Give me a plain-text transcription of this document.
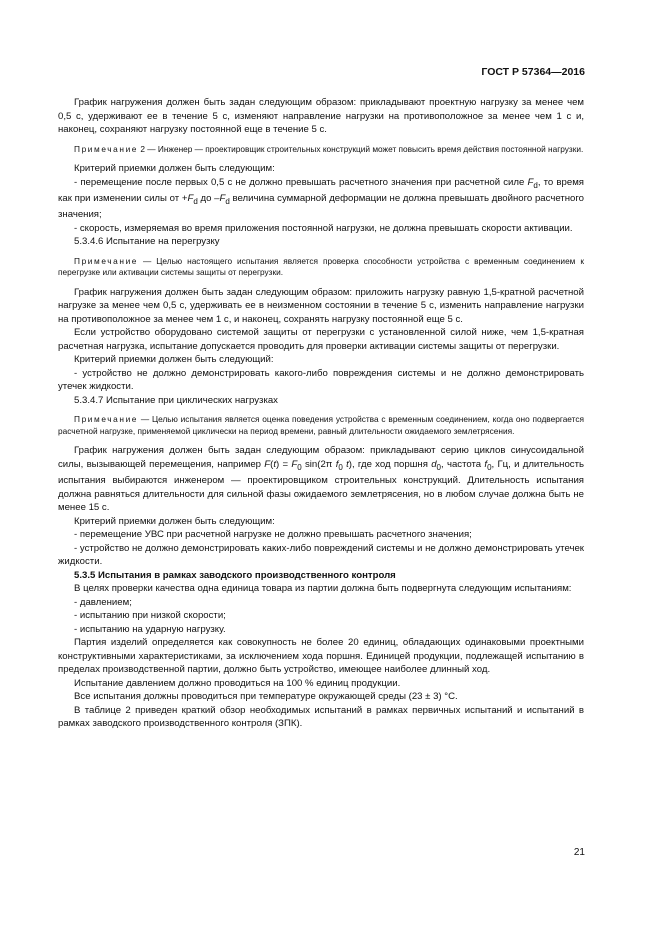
ГОСТ Р 57364—2016

График нагружения должен быть задан следующим образом: прикладывают проектную нагрузку за менее чем 0,5 с, удерживают ее в течение 5 с, изменяют направление нагрузки на противоположное за менее чем 1 с и, наконец, сохраняют нагрузку постоянной еще в течение 5 с.

Примечание 2 — Инженер — проектировщик строительных конструкций может повысить время действия постоянной нагрузки.

Критерий приемки должен быть следующим:

- перемещение после первых 0,5 с не должно превышать расчетного значения при расчетной силе $F_d$, то время как при изменении силы от $+F_d$ до $-F_d$ величина суммарной деформации не должна превышать двойного расчетного значения;

- скорость, измеряемая во время приложения постоянной нагрузки, не должна превышать скорости активации.

5.3.4.6 Испытание на перегрузку

Примечание — Целью настоящего испытания является проверка способности устройства с временным соединением к перегрузке или активации системы защиты от перегрузки.

График нагружения должен быть задан следующим образом: приложить нагрузку равную 1,5-кратной расчетной нагрузке за менее чем 0,5 с, удерживать ее в неизменном состоянии в течение 5 с, изменить направление нагрузки на противоположное за менее чем 1 с, и наконец, сохранять нагрузку постоянной еще 5 с.

Если устройство оборудовано системой защиты от перегрузки с установленной силой ниже, чем 1,5-кратная расчетная нагрузка, испытание допускается проводить для проверки активации системы защиты от перегрузки.

Критерий приемки должен быть следующий:

- устройство не должно демонстрировать какого-либо повреждения системы и не должно демонстрировать утечек жидкости.

5.3.4.7 Испытание при циклических нагрузках

Примечание — Целью испытания является оценка поведения устройства с временным соединением, когда оно подвергается расчетной нагрузке, применяемой циклически на период времени, равный длительности ожидаемого землетрясения.

График нагружения должен быть задан следующим образом: прикладывают серию циклов синусоидальной силы, вызывающей перемещения, например $F(t) = F_0$ sin(2π $f_0$ t), где ход поршня $d_0$, частота $f_0$, Гц, и длительность испытания выбираются инженером — проектировщиком строительных конструкций. Длительность испытания должна равняться длительности для сильной фазы ожидаемого землетрясения, но в любом случае должна быть не менее 15 с.

Критерий приемки должен быть следующим:

- перемещение УВС при расчетной нагрузке не должно превышать расчетного значения;

- устройство не должно демонстрировать каких-либо повреждений системы и не должно демонстрировать утечек жидкости.

5.3.5 Испытания в рамках заводского производственного контроля

В целях проверки качества одна единица товара из партии должна быть подвергнута следующим испытаниям:

- давлением;

- испытанию при низкой скорости;

- испытанию на ударную нагрузку.

Партия изделий определяется как совокупность не более 20 единиц, обладающих одинаковыми проектными конструктивными характеристиками, за исключением хода поршня. Единицей продукции, подлежащей испытанию в пределах производственной партии, должно быть устройство, имеющее наиболее длинный ход.

Испытание давлением должно проводиться на 100 % единиц продукции.

Все испытания должны проводиться при температуре окружающей среды (23 ± 3) °С.

В таблице 2 приведен краткий обзор необходимых испытаний в рамках первичных испытаний и испытаний в рамках заводского производственного контроля (ЗПК).

21
